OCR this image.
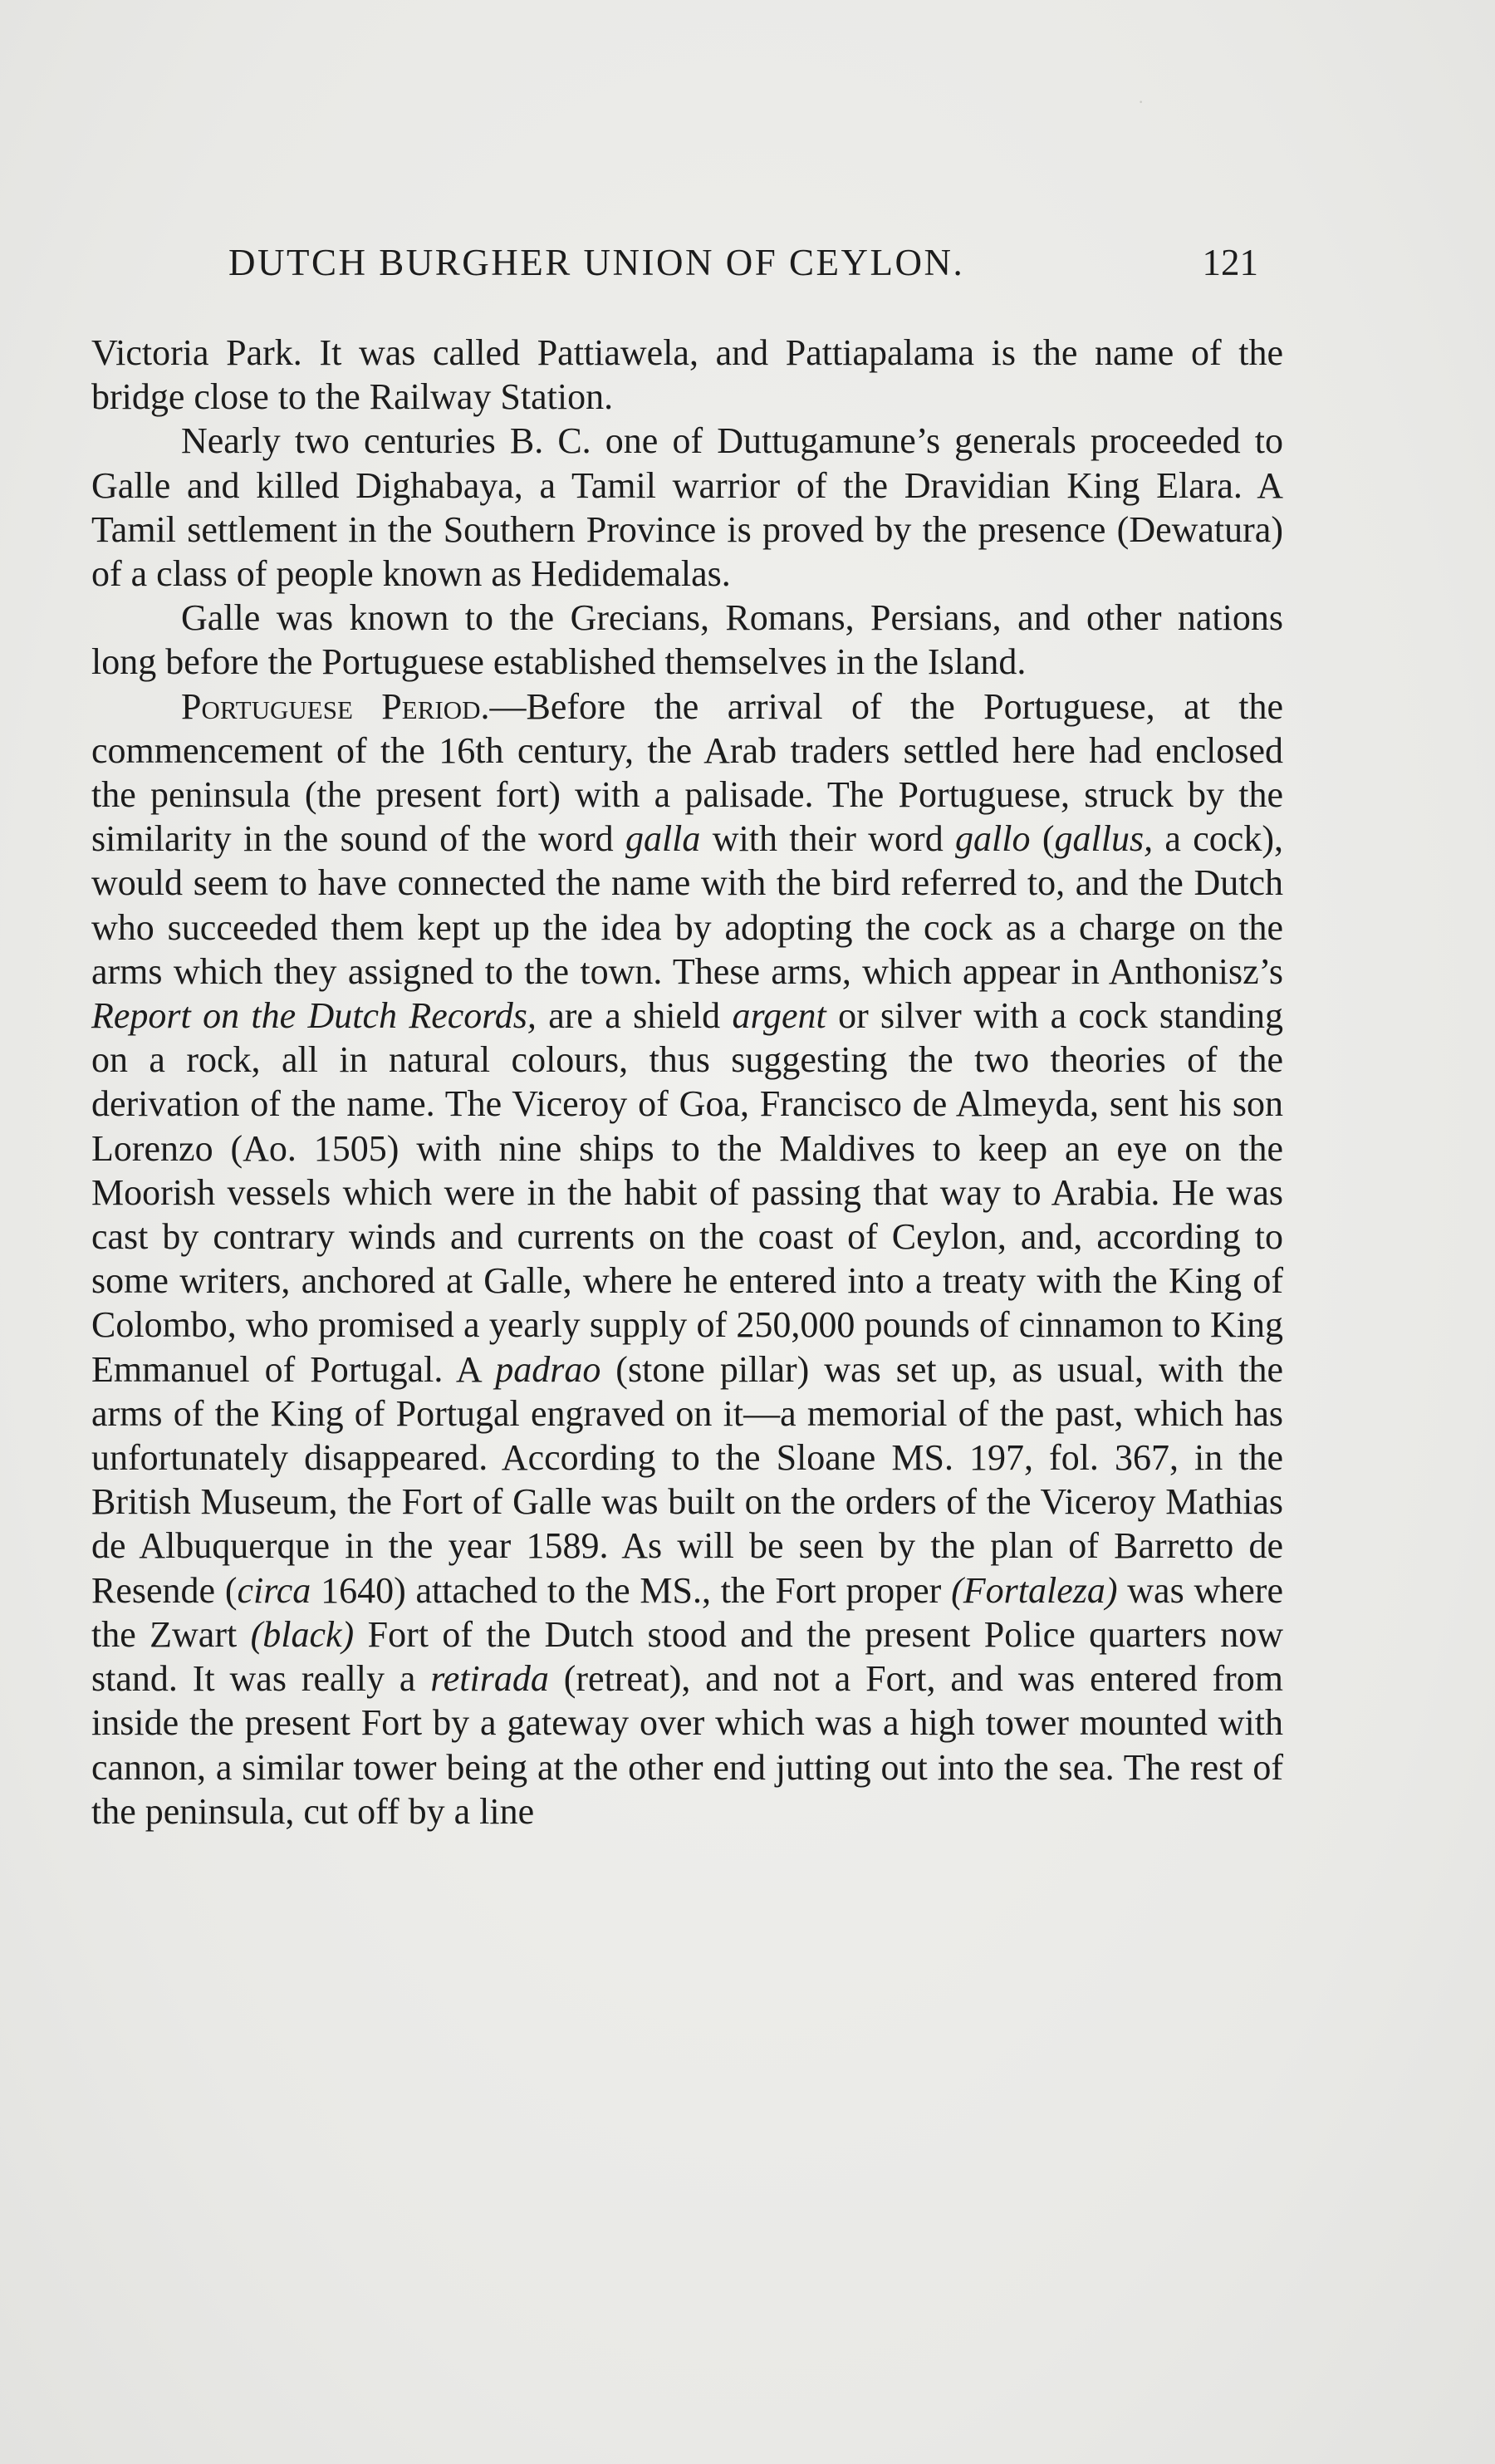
·
DUTCH BURGHER UNION OF CEYLON.	121

Victoria Park. It was called Pattiawela, and Pattiapalama is the name of the bridge close to the Railway Station.

Nearly two centuries B. C. one of Duttugamune’s generals proceeded to Galle and killed Dighabaya, a Tamil warrior of the Dravidian King Elara. A Tamil settlement in the Southern Province is proved by the presence (Dewatura) of a class of people known as Hedidemalas.

Galle was known to the Grecians, Romans, Persians, and other nations long before the Portuguese established themselves in the Island.

Portuguese Period.—Before the arrival of the Portuguese, at the commencement of the 16th century, the Arab traders settled here had enclosed the peninsula (the present fort) with a palisade. The Portuguese, struck by the similarity in the sound of the word galla with their word gallo (gallus, a cock), would seem to have connected the name with the bird referred to, and the Dutch who succeeded them kept up the idea by adopting the cock as a charge on the arms which they assigned to the town. These arms, which appear in Anthonisz’s Report on the Dutch Records, are a shield argent or silver with a cock standing on a rock, all in natural colours, thus suggesting the two theories of the derivation of the name. The Viceroy of Goa, Francisco de Almeyda, sent his son Lorenzo (Ao. 1505) with nine ships to the Maldives to keep an eye on the Moorish vessels which were in the habit of passing that way to Arabia. He was cast by contrary winds and currents on the coast of Ceylon, and, according to some writers, anchored at Galle, where he entered into a treaty with the King of Colombo, who promised a yearly supply of 250,000 pounds of cinnamon to King Emmanuel of Portugal. A padrao (stone pillar) was set up, as usual, with the arms of the King of Portugal engraved on it—a memorial of the past, which has unfortunately disappeared. According to the Sloane MS. 197, fol. 367, in the British Museum, the Fort of Galle was built on the orders of the Viceroy Mathias de Albuquerque in the year 1589. As will be seen by the plan of Barretto de Resende (circa 1640) attached to the MS., the Fort proper (Fortaleza) was where the Zwart (black) Fort of the Dutch stood and the present Police quarters now stand. It was really a retirada (retreat), and not a Fort, and was entered from inside the present Fort by a gateway over which was a high tower mounted with cannon, a similar tower being at the other end jutting out into the sea. The rest of the peninsula, cut off by a line
